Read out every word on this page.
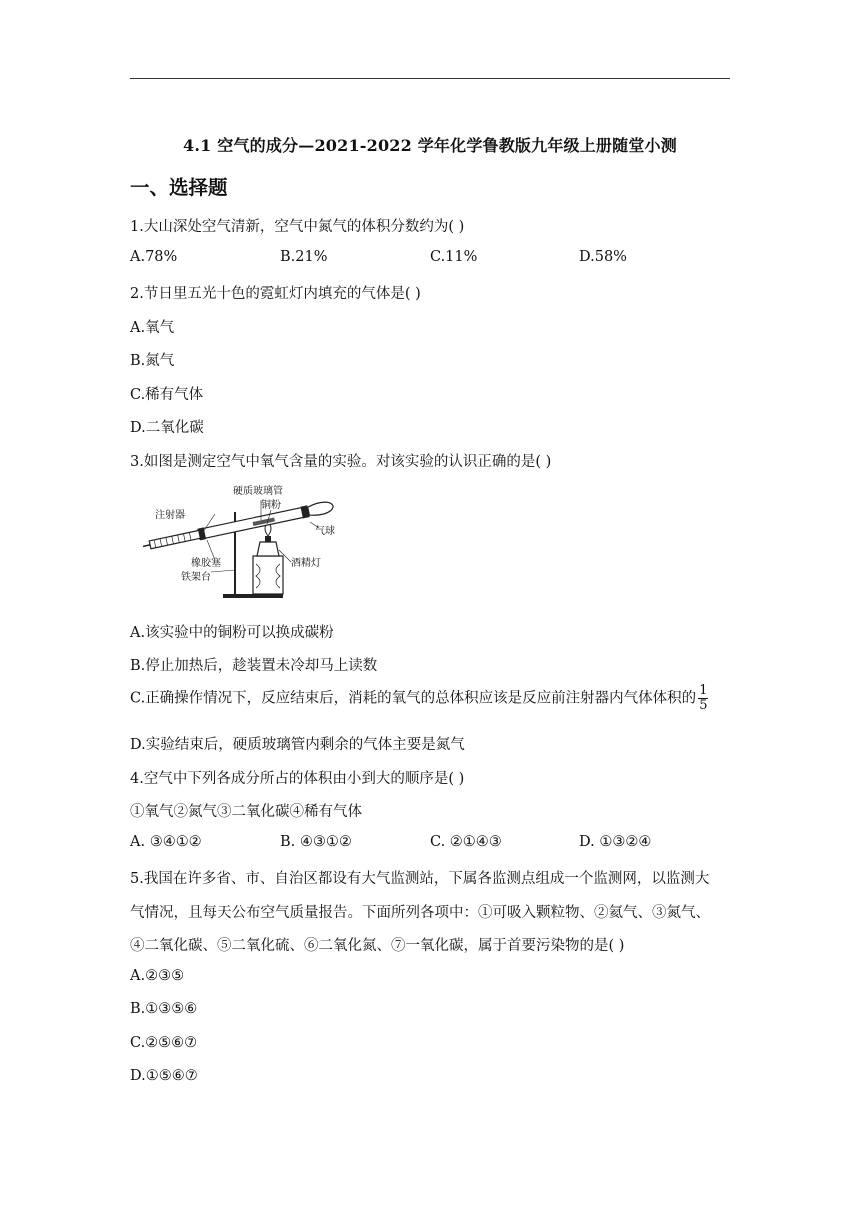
4.1 空气的成分—2021-2022 学年化学鲁教版九年级上册随堂小测
一、选择题
1.大山深处空气清新，空气中氮气的体积分数约为( )
A.78%	B.21%	C.11%	D.58%
2.节日里五光十色的霓虹灯内填充的气体是( )
A.氧气
B.氮气
C.稀有气体
D.二氧化碳
3.如图是测定空气中氧气含量的实验。对该实验的认识正确的是( )
硬质玻璃管
铜粉
注射器
气球
橡胶塞	酒精灯
铁架台
A.该实验中的铜粉可以换成碳粉
B.停止加热后，趁装置未冷却马上读数
C.正确操作情况下，反应结束后，消耗的氧气的总体积应该是反应前注射器内气体体积的 $\frac{1}{5}$
D.实验结束后，硬质玻璃管内剩余的气体主要是氮气
4.空气中下列各成分所占的体积由小到大的顺序是( )
①氧气②氮气③二氧化碳④稀有气体
A. ③④①②	B. ④③①②	C. ②①④③	D. ①③②④
5.我国在许多省、市、自治区都设有大气监测站，下属各监测点组成一个监测网，以监测大
气情况，且每天公布空气质量报告。下面所列各项中：①可吸入颗粒物、②氦气、③氮气、
④二氧化碳、⑤二氧化硫、⑥二氧化氮、⑦一氧化碳，属于首要污染物的是( )
A.②③⑤
B.①③⑤⑥
C.②⑤⑥⑦
D.①⑤⑥⑦
